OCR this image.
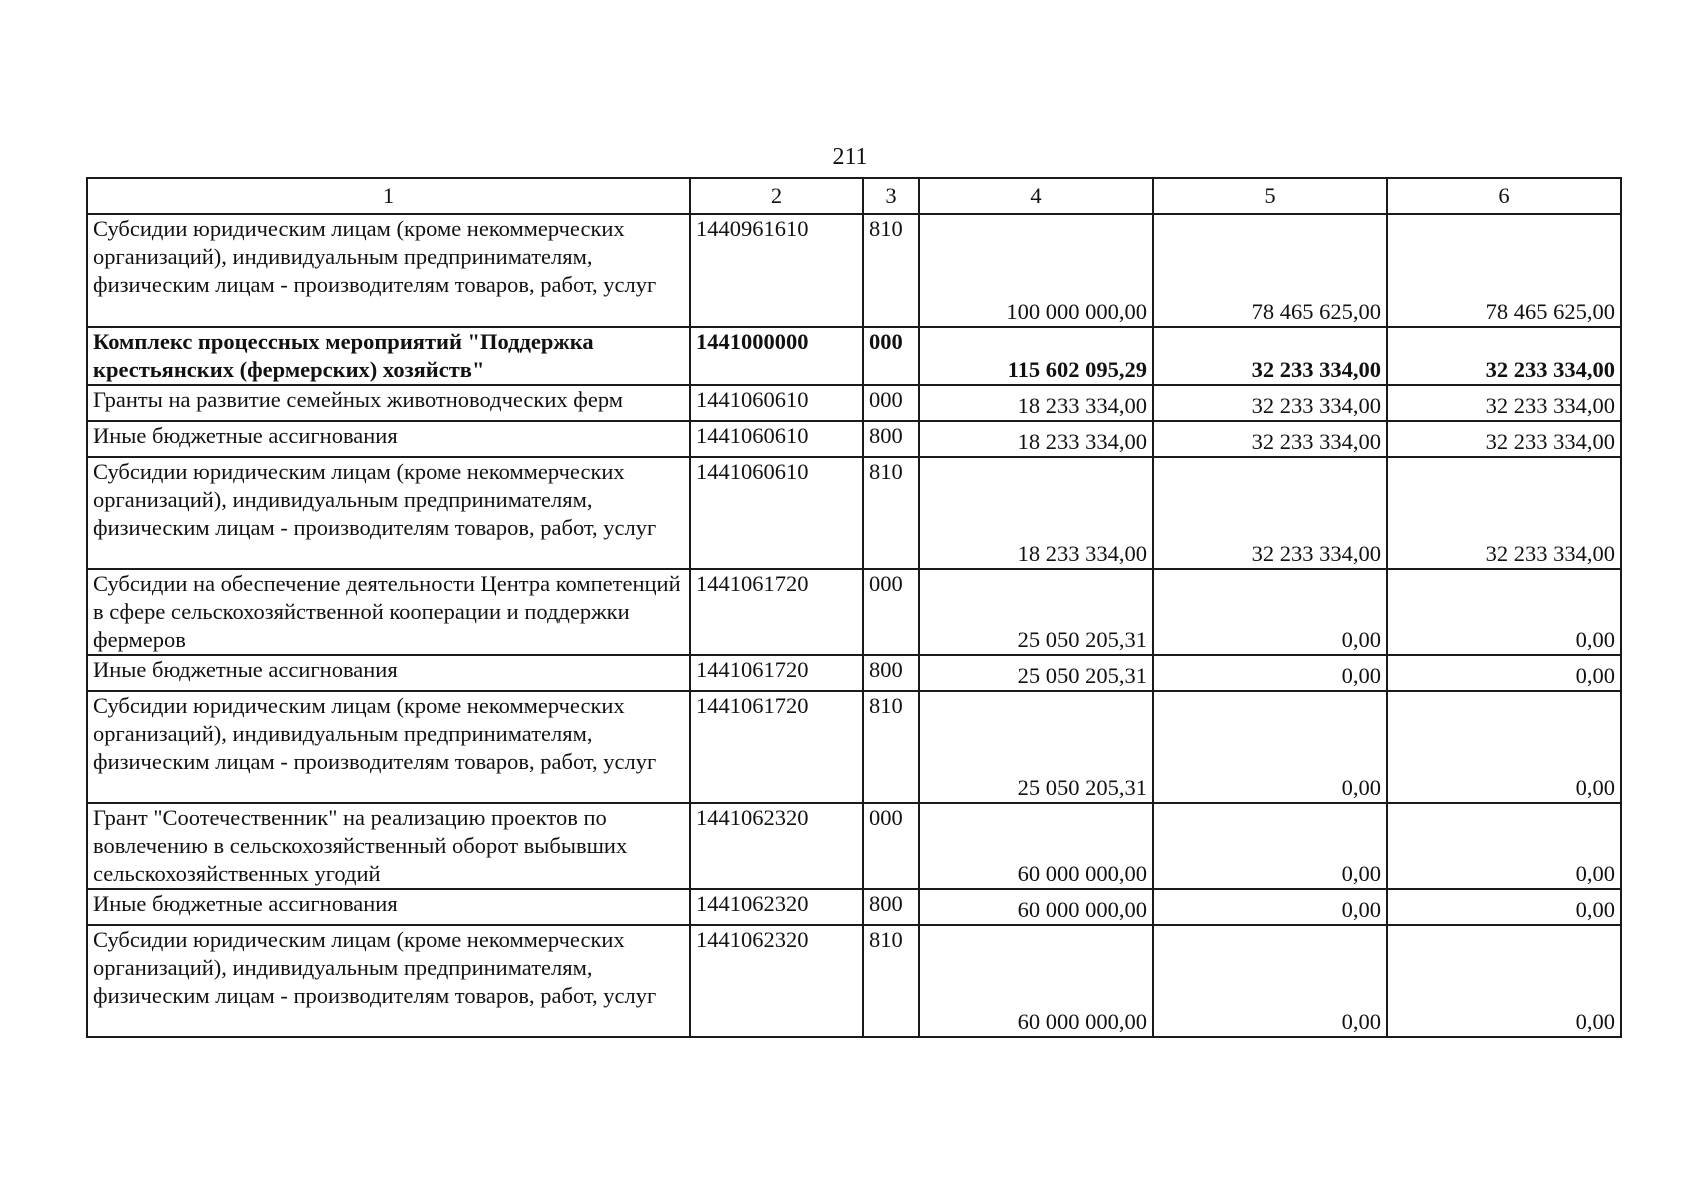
211
1	2	3	4	5	6
Субсидии юридическим лицам (кроме некоммерческих организаций), индивидуальным предпринимателям, физическим лицам - производителям товаров, работ, услуг	1440961610	810	100 000 000,00	78 465 625,00	78 465 625,00
Комплекс процессных мероприятий "Поддержка крестьянских (фермерских) хозяйств"	1441000000	000	115 602 095,29	32 233 334,00	32 233 334,00
Гранты на развитие семейных животноводческих ферм	1441060610	000	18 233 334,00	32 233 334,00	32 233 334,00
Иные бюджетные ассигнования	1441060610	800	18 233 334,00	32 233 334,00	32 233 334,00
Субсидии юридическим лицам (кроме некоммерческих организаций), индивидуальным предпринимателям, физическим лицам - производителям товаров, работ, услуг	1441060610	810	18 233 334,00	32 233 334,00	32 233 334,00
Субсидии на обеспечение деятельности Центра компетенций в сфере сельскохозяйственной кооперации и поддержки фермеров	1441061720	000	25 050 205,31	0,00	0,00
Иные бюджетные ассигнования	1441061720	800	25 050 205,31	0,00	0,00
Субсидии юридическим лицам (кроме некоммерческих организаций), индивидуальным предпринимателям, физическим лицам - производителям товаров, работ, услуг	1441061720	810	25 050 205,31	0,00	0,00
Грант "Соотечественник" на реализацию проектов по вовлечению в сельскохозяйственный оборот выбывших сельскохозяйственных угодий	1441062320	000	60 000 000,00	0,00	0,00
Иные бюджетные ассигнования	1441062320	800	60 000 000,00	0,00	0,00
Субсидии юридическим лицам (кроме некоммерческих организаций), индивидуальным предпринимателям, физическим лицам - производителям товаров, работ, услуг	1441062320	810	60 000 000,00	0,00	0,00
